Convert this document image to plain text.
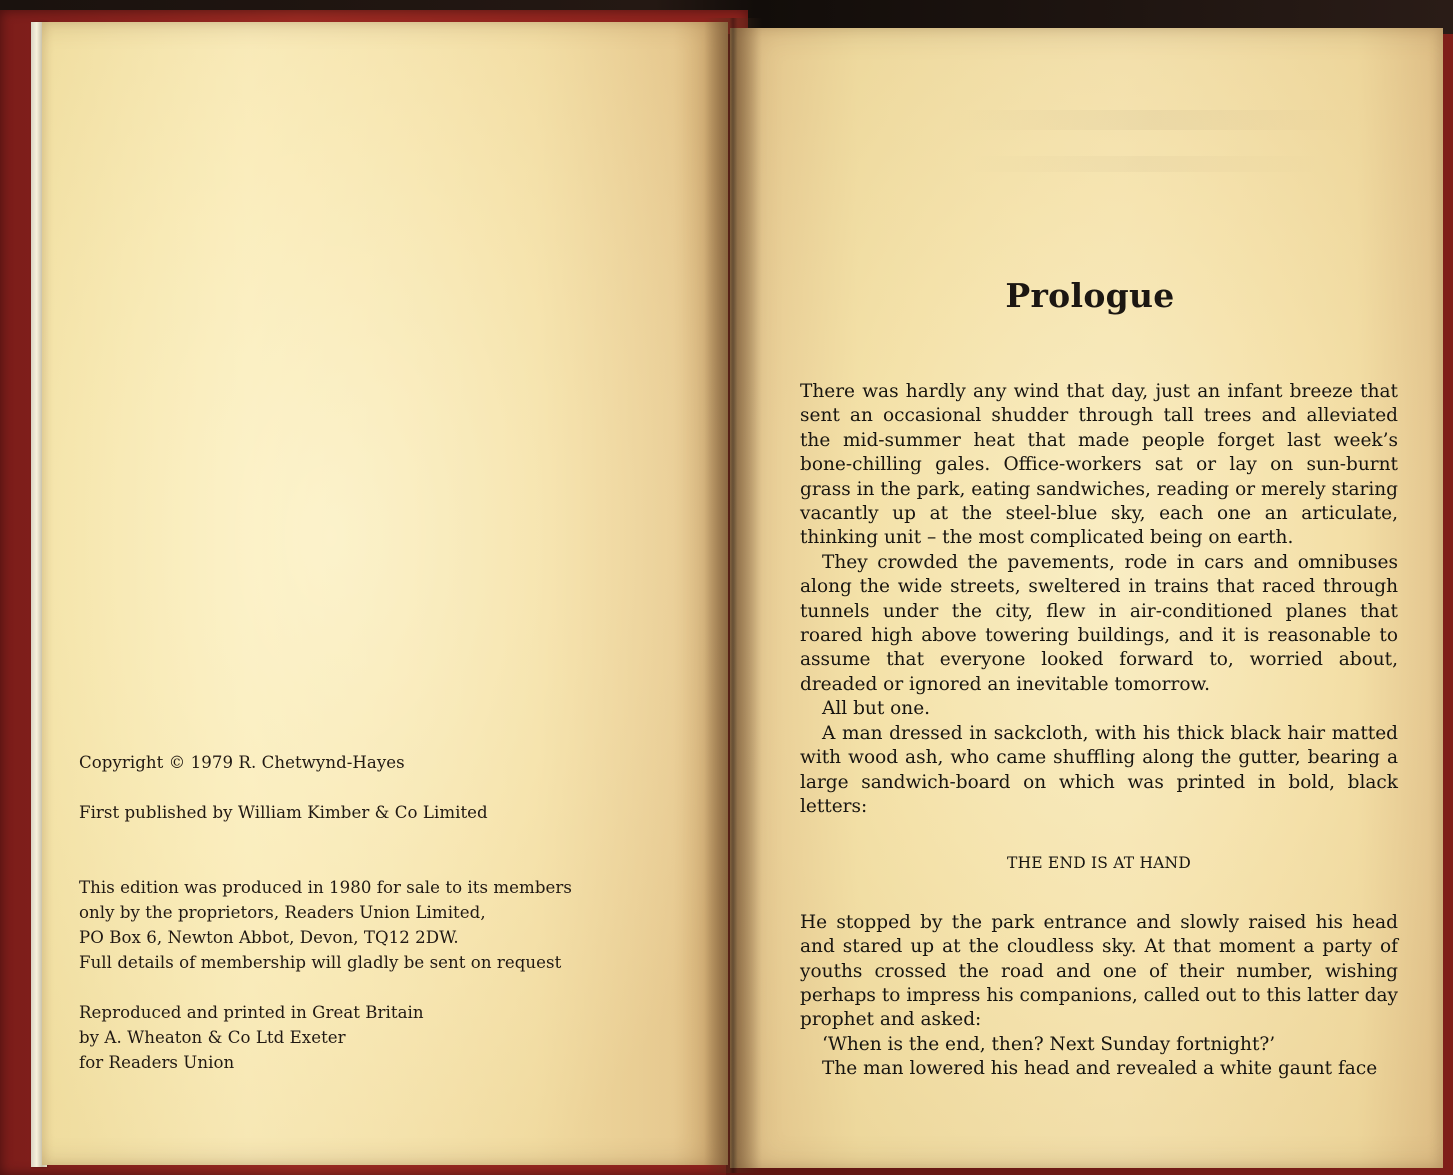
Copyright © 1979 R. Chetwynd-Hayes

First published by William Kimber & Co Limited

This edition was produced in 1980 for sale to its members

only by the proprietors, Readers Union Limited,

PO Box 6, Newton Abbot, Devon, TQ12 2DW.

Full details of membership will gladly be sent on request

Reproduced and printed in Great Britain

by A. Wheaton & Co Ltd Exeter

for Readers Union

Prologue

There was hardly any wind that day, just an infant breeze that sent an occasional shudder through tall trees and alleviated the mid-summer heat that made people forget last week’s bone-chilling gales. Office-workers sat or lay on sun-burnt grass in the park, eating sandwiches, reading or merely staring vacantly up at the steel-blue sky, each one an articulate, thinking unit – the most complicated being on earth.

They crowded the pavements, rode in cars and omnibuses along the wide streets, sweltered in trains that raced through tunnels under the city, flew in air-conditioned planes that roared high above towering buildings, and it is reasonable to assume that everyone looked forward to, worried about, dreaded or ignored an inevitable tomorrow.

All but one.

A man dressed in sackcloth, with his thick black hair matted with wood ash, who came shuffling along the gutter, bearing a large sandwich-board on which was printed in bold, black letters:

THE END IS AT HAND

He stopped by the park entrance and slowly raised his head and stared up at the cloudless sky. At that moment a party of youths crossed the road and one of their number, wishing perhaps to impress his companions, called out to this latter day prophet and asked:

‘When is the end, then? Next Sunday fortnight?’

The man lowered his head and revealed a white gaunt face
